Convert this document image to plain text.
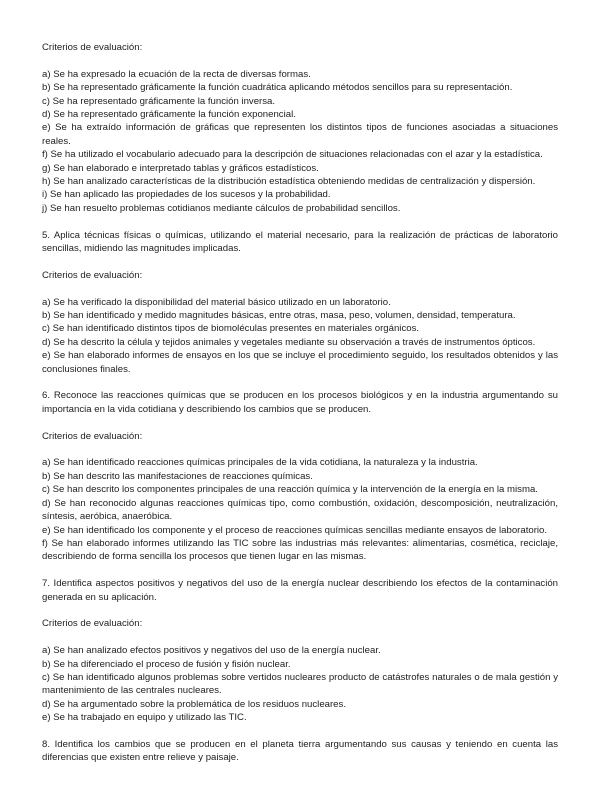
Criterios de evaluación:

a) Se ha expresado la ecuación de la recta de diversas formas.

b) Se ha representado gráficamente la función cuadrática aplicando métodos sencillos para su representación.

c) Se ha representado gráficamente la función inversa.

d) Se ha representado gráficamente la función exponencial.

e) Se ha extraído información de gráficas que representen los distintos tipos de funciones asociadas a situaciones reales.

f) Se ha utilizado el vocabulario adecuado para la descripción de situaciones relacionadas con el azar y la estadística.

g) Se han elaborado e interpretado tablas y gráficos estadísticos.

h) Se han analizado características de la distribución estadística obteniendo medidas de centralización y dispersión.

i) Se han aplicado las propiedades de los sucesos y la probabilidad.

j) Se han resuelto problemas cotidianos mediante cálculos de probabilidad sencillos.

5. Aplica técnicas físicas o químicas, utilizando el material necesario, para la realización de prácticas de laboratorio sencillas, midiendo las magnitudes implicadas.

Criterios de evaluación:

a) Se ha verificado la disponibilidad del material básico utilizado en un laboratorio.

b) Se han identificado y medido magnitudes básicas, entre otras, masa, peso, volumen, densidad, temperatura.

c) Se han identificado distintos tipos de biomoléculas presentes en materiales orgánicos.

d) Se ha descrito la célula y tejidos animales y vegetales mediante su observación a través de instrumentos ópticos.

e) Se han elaborado informes de ensayos en los que se incluye el procedimiento seguido, los resultados obtenidos y las conclusiones finales.

6. Reconoce las reacciones químicas que se producen en los procesos biológicos y en la industria argumentando su importancia en la vida cotidiana y describiendo los cambios que se producen.

Criterios de evaluación:

a) Se han identificado reacciones químicas principales de la vida cotidiana, la naturaleza y la industria.

b) Se han descrito las manifestaciones de reacciones químicas.

c) Se han descrito los componentes principales de una reacción química y la intervención de la energía en la misma.

d) Se han reconocido algunas reacciones químicas tipo, como combustión, oxidación, descomposición, neutralización, síntesis, aeróbica, anaeróbica.

e) Se han identificado los componente y el proceso de reacciones químicas sencillas mediante ensayos de laboratorio.

f) Se han elaborado informes utilizando las TIC sobre las industrias más relevantes: alimentarias, cosmética, reciclaje, describiendo de forma sencilla los procesos que tienen lugar en las mismas.

7. Identifica aspectos positivos y negativos del uso de la energía nuclear describiendo los efectos de la contaminación generada en su aplicación.

Criterios de evaluación:

a) Se han analizado efectos positivos y negativos del uso de la energía nuclear.

b) Se ha diferenciado el proceso de fusión y fisión nuclear.

c) Se han identificado algunos problemas sobre vertidos nucleares producto de catástrofes naturales o de mala gestión y mantenimiento de las centrales nucleares.

d) Se ha argumentado sobre la problemática de los residuos nucleares.

e) Se ha trabajado en equipo y utilizado las TIC.

8. Identifica los cambios que se producen en el planeta tierra argumentando sus causas y teniendo en cuenta las diferencias que existen entre relieve y paisaje.
